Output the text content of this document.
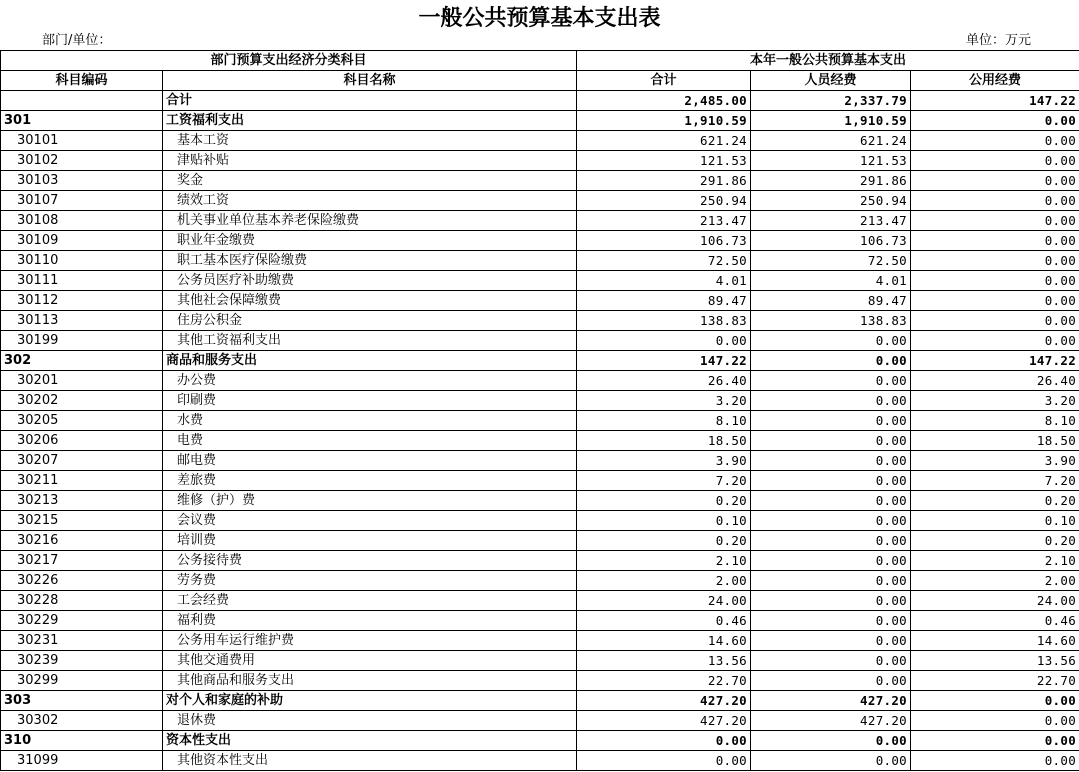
一般公共预算基本支出表
部门/单位：	单位：万元
部门预算支出经济分类科目		本年一般公共预算基本支出		
科目编码	科目名称	合计	人员经费	公用经费
	合计	2,485.00	2,337.79	147.22
301	工资福利支出	1,910.59	1,910.59	0.00
30101	基本工资	621.24	621.24	0.00
30102	津贴补贴	121.53	121.53	0.00
30103	奖金	291.86	291.86	0.00
30107	绩效工资	250.94	250.94	0.00
30108	机关事业单位基本养老保险缴费	213.47	213.47	0.00
30109	职业年金缴费	106.73	106.73	0.00
30110	职工基本医疗保险缴费	72.50	72.50	0.00
30111	公务员医疗补助缴费	4.01	4.01	0.00
30112	其他社会保障缴费	89.47	89.47	0.00
30113	住房公积金	138.83	138.83	0.00
30199	其他工资福利支出	0.00	0.00	0.00
302	商品和服务支出	147.22	0.00	147.22
30201	办公费	26.40	0.00	26.40
30202	印刷费	3.20	0.00	3.20
30205	水费	8.10	0.00	8.10
30206	电费	18.50	0.00	18.50
30207	邮电费	3.90	0.00	3.90
30211	差旅费	7.20	0.00	7.20
30213	维修（护）费	0.20	0.00	0.20
30215	会议费	0.10	0.00	0.10
30216	培训费	0.20	0.00	0.20
30217	公务接待费	2.10	0.00	2.10
30226	劳务费	2.00	0.00	2.00
30228	工会经费	24.00	0.00	24.00
30229	福利费	0.46	0.00	0.46
30231	公务用车运行维护费	14.60	0.00	14.60
30239	其他交通费用	13.56	0.00	13.56
30299	其他商品和服务支出	22.70	0.00	22.70
303	对个人和家庭的补助	427.20	427.20	0.00
30302	退休费	427.20	427.20	0.00
310	资本性支出	0.00	0.00	0.00
31099	其他资本性支出	0.00	0.00	0.00
